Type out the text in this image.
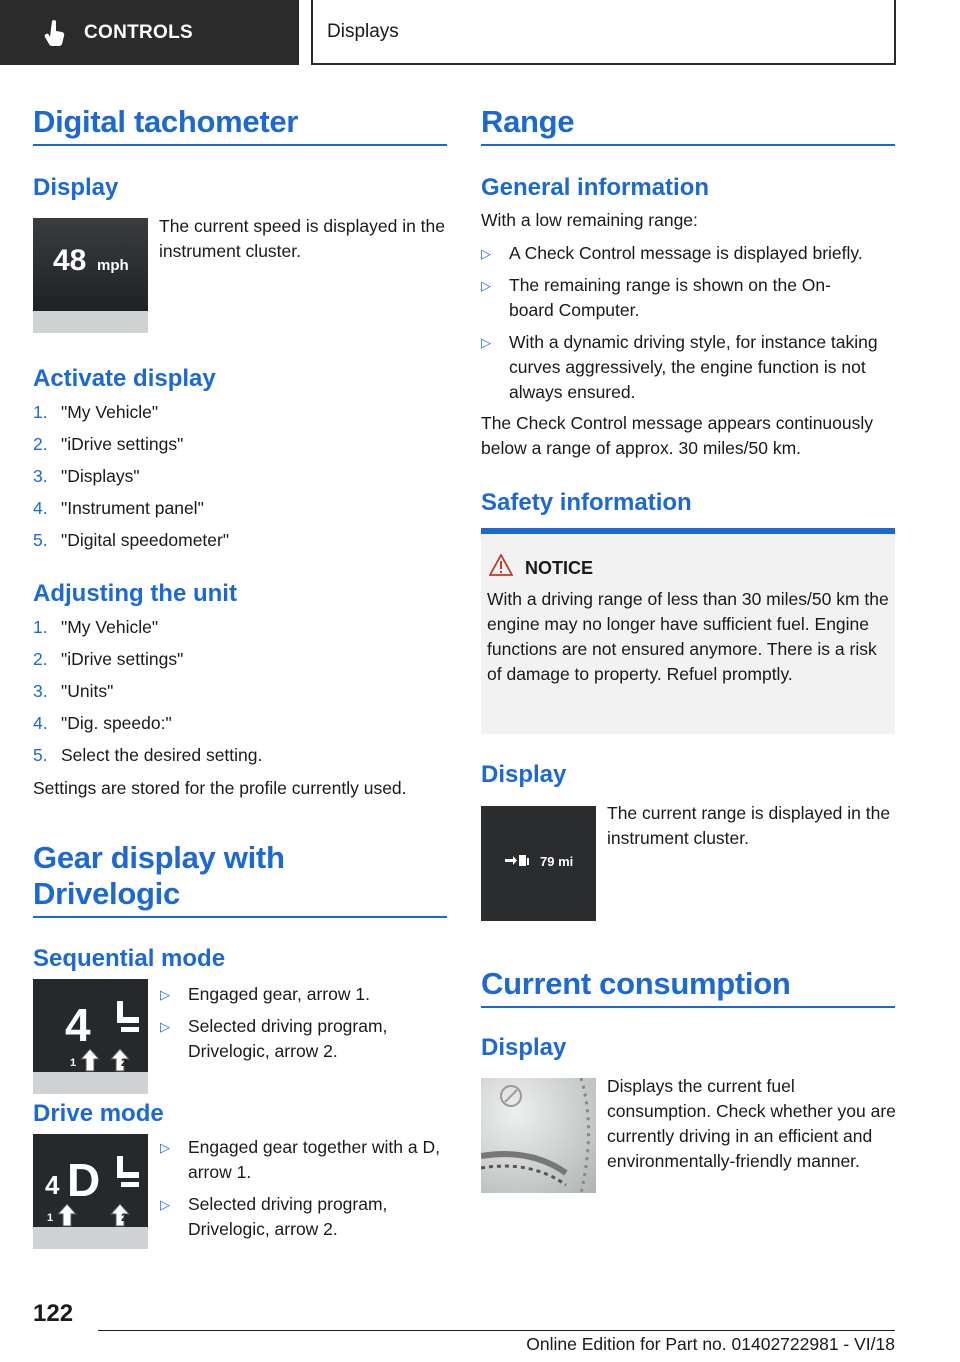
CONTROLS	Displays
Digital tachometer
Display
48 mph
The current speed is displayed in the instrument cluster.
Activate display
1. "My Vehicle"
2. "iDrive settings"
3. "Displays"
4. "Instrument panel"
5. "Digital speedometer"
Adjusting the unit
1. "My Vehicle"
2. "iDrive settings"
3. "Units"
4. "Dig. speedo:"
5. Select the desired setting.
Settings are stored for the profile currently used.
Gear display with
Drivelogic
Sequential mode
4
1	2
▷ Engaged gear, arrow 1.
▷ Selected driving program, Drivelogic, arrow 2.
Drive mode
4 D
1	2
▷ Engaged gear together with a D, arrow 1.
▷ Selected driving program, Drivelogic, arrow 2.
Range
General information
With a low remaining range:
▷ A Check Control message is displayed briefly.
▷ The remaining range is shown on the On-board Computer.
▷ With a dynamic driving style, for instance taking curves aggressively, the engine function is not always ensured.
The Check Control message appears continuously below a range of approx. 30 miles/50 km.
Safety information
NOTICE
With a driving range of less than 30 miles/50 km the engine may no longer have sufficient fuel. Engine functions are not ensured anymore. There is a risk of damage to property. Refuel promptly.
Display
79 mi
The current range is displayed in the instrument cluster.
Current consumption
Display
Displays the current fuel consumption. Check whether you are currently driving in an efficient and environmentally-friendly manner.
122
Online Edition for Part no. 01402722981 - VI/18
